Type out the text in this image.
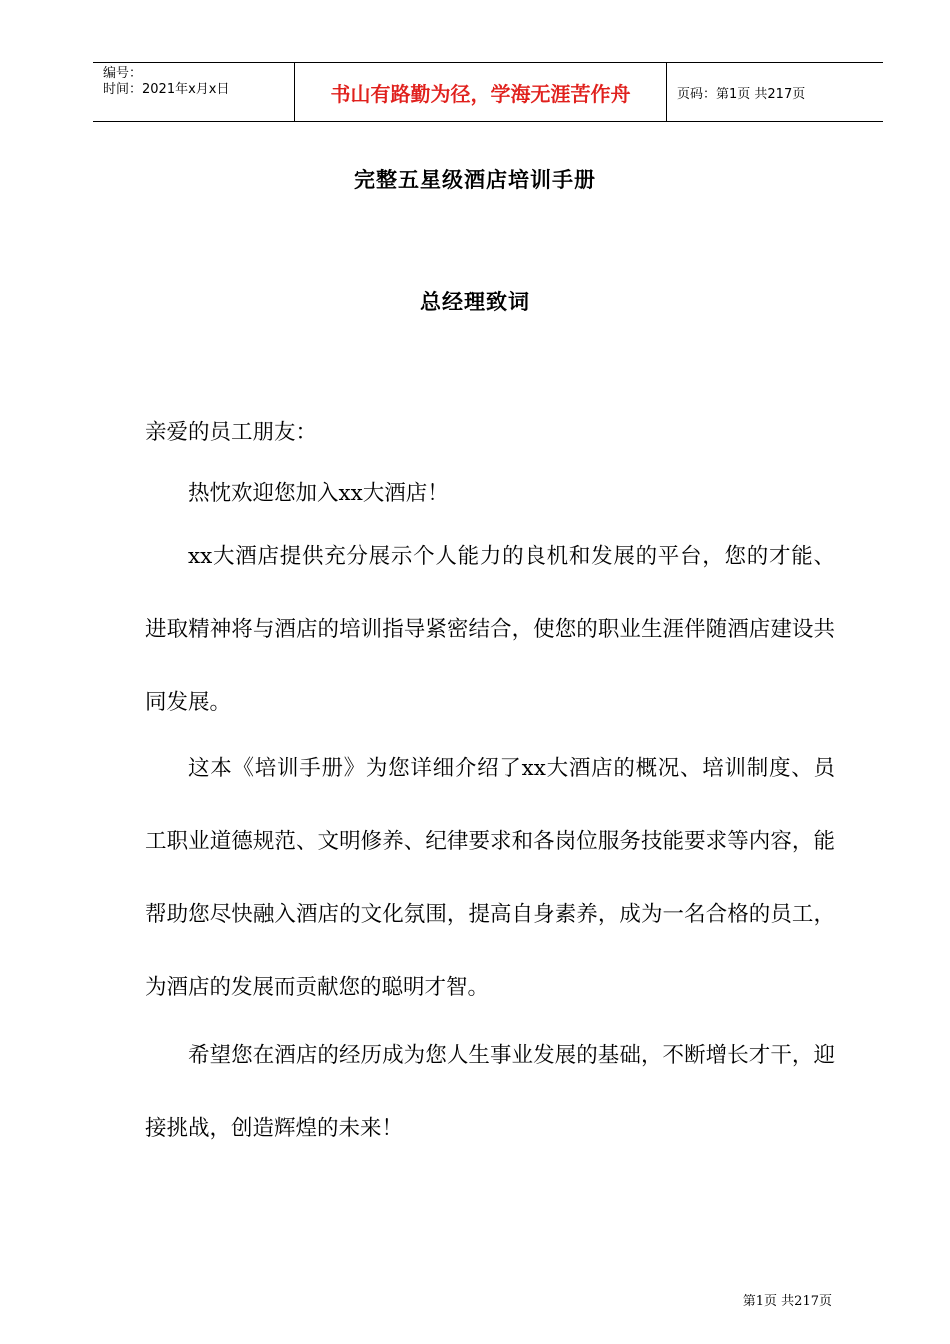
编号：
时间：2021年x月x日	书山有路勤为径，学海无涯苦作舟	页码：第1页 共217页
完整五星级酒店培训手册
总经理致词
亲爱的员工朋友：
热忱欢迎您加入xx大酒店！
xx大酒店提供充分展示个人能力的良机和发展的平台，您的才能、进取精神将与酒店的培训指导紧密结合，使您的职业生涯伴随酒店建设共同发展。
这本《培训手册》为您详细介绍了xx大酒店的概况、培训制度、员工职业道德规范、文明修养、纪律要求和各岗位服务技能要求等内容，能帮助您尽快融入酒店的文化氛围，提高自身素养，成为一名合格的员工，为酒店的发展而贡献您的聪明才智。
希望您在酒店的经历成为您人生事业发展的基础，不断增长才干，迎接挑战，创造辉煌的未来！
第1页 共217页
